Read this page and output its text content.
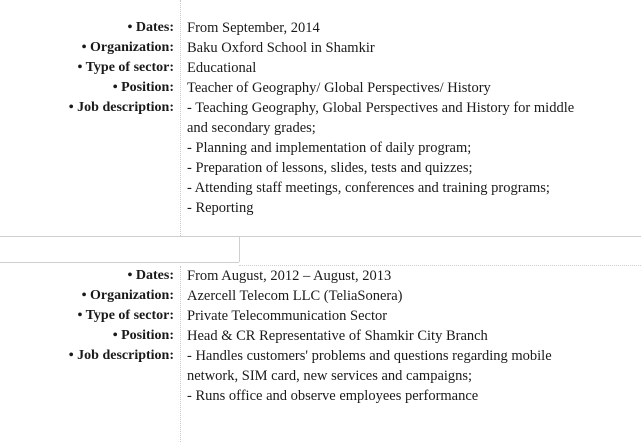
• Dates: From September, 2014
• Organization: Baku Oxford School in Shamkir
• Type of sector: Educational
• Position: Teacher of Geography/ Global Perspectives/ History
• Job description: - Teaching Geography, Global Perspectives and History for middle
and secondary grades;
- Planning and implementation of daily program;
- Preparation of lessons, slides, tests and quizzes;
- Attending staff meetings, conferences and training programs;
- Reporting
• Dates: From August, 2012 – August, 2013
• Organization: Azercell Telecom LLC (TeliaSonera)
• Type of sector: Private Telecommunication Sector
• Position: Head & CR Representative of Shamkir City Branch
• Job description: - Handles customers' problems and questions regarding mobile
network, SIM card, new services and campaigns;
- Runs office and observe employees performance
